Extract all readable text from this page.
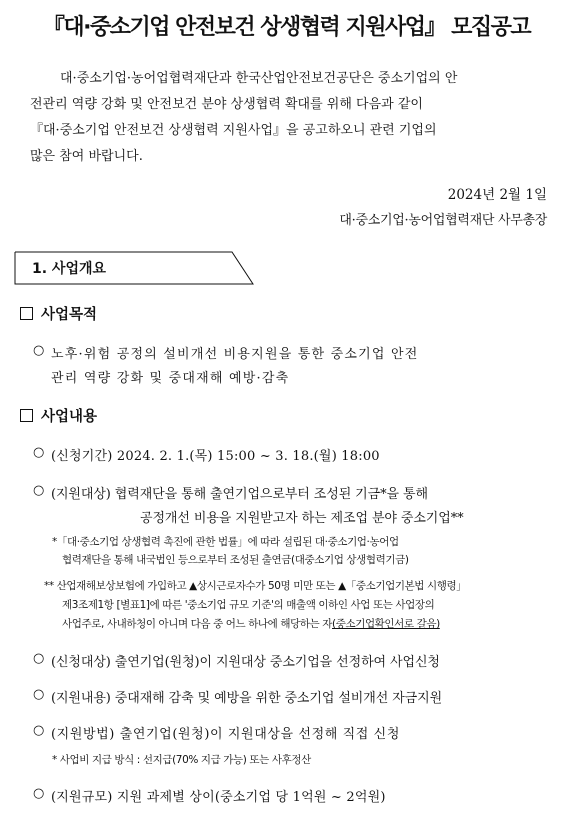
『대·중소기업 안전보건 상생협력 지원사업』 모집공고
대·중소기업·농어업협력재단과 한국산업안전보건공단은 중소기업의 안
전관리 역량 강화 및 안전보건 분야 상생협력 확대를 위해 다음과 같이
『대·중소기업 안전보건 상생협력 지원사업』을 공고하오니 관련 기업의
많은 참여 바랍니다.
2024년 2월 1일
대·중소기업·농어업협력재단 사무총장
1. 사업개요
사업목적
○ 노후·위험 공정의 설비개선 비용지원을 통한 중소기업 안전
관리 역량 강화 및 중대재해 예방·감축
사업내용
○ (신청기간) 2024. 2. 1.(목) 15:00 ~ 3. 18.(월) 18:00
○ (지원대상) 협력재단을 통해 출연기업으로부터 조성된 기금*을 통해
공정개선 비용을 지원받고자 하는 제조업 분야 중소기업**
*「대·중소기업 상생협력 촉진에 관한 법률」에 따라 설립된 대·중소기업·농어업
협력재단을 통해 내국법인 등으로부터 조성된 출연금(대중소기업 상생협력기금)
** 산업재해보상보험에 가입하고 ▲상시근로자수가 50명 미만 또는 ▲「중소기업기본법 시행령」
제3조제1항 [별표1]에 따른 '중소기업 규모 기준'의 매출액 이하인 사업 또는 사업장의
사업주로, 사내하청이 아니며 다음 중 어느 하나에 해당하는 자(중소기업확인서로 갈음)
○ (신청대상) 출연기업(원청)이 지원대상 중소기업을 선정하여 사업신청
○ (지원내용) 중대재해 감축 및 예방을 위한 중소기업 설비개선 자금지원
○ (지원방법) 출연기업(원청)이 지원대상을 선정해 직접 신청
* 사업비 지급 방식 : 선지급(70% 지급 가능) 또는 사후정산
○ (지원규모) 지원 과제별 상이(중소기업 당 1억원 ~ 2억원)
